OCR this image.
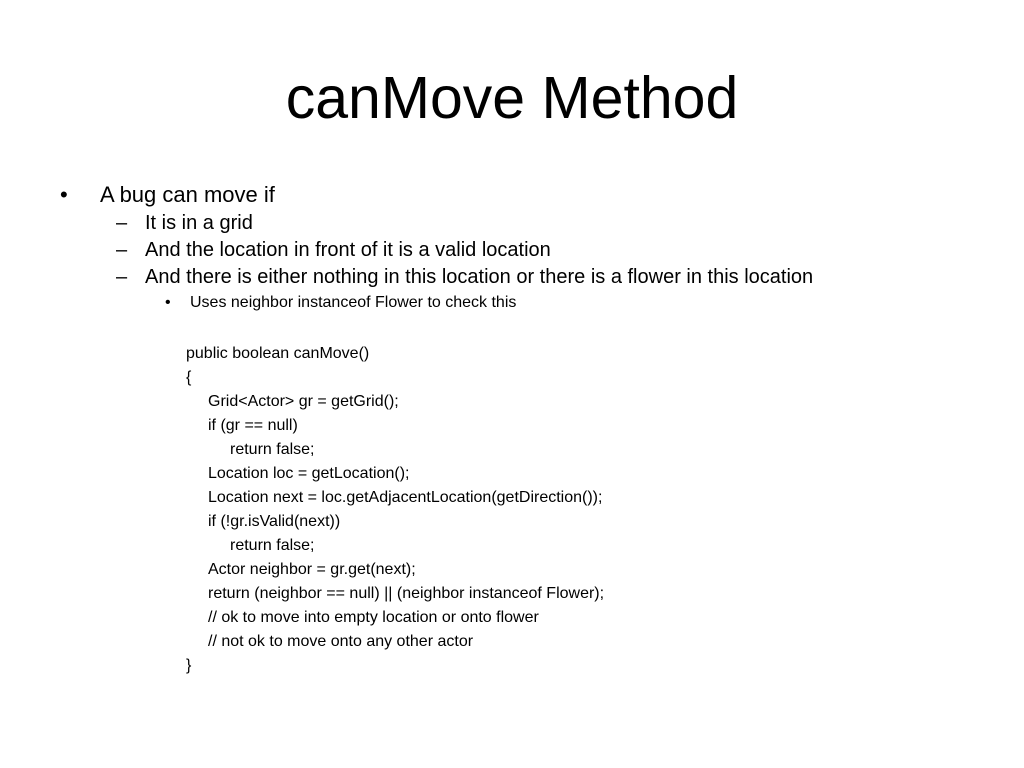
canMove Method
• A bug can move if
– It is in a grid
– And the location in front of it is a valid location
– And there is either nothing in this location or there is a flower in this location
• Uses neighbor instanceof Flower to check this
public boolean canMove()
{
Grid<Actor> gr = getGrid();
if (gr == null)
return false;
Location loc = getLocation();
Location next = loc.getAdjacentLocation(getDirection());
if (!gr.isValid(next))
return false;
Actor neighbor = gr.get(next);
return (neighbor == null) || (neighbor instanceof Flower);
// ok to move into empty location or onto flower
// not ok to move onto any other actor
}
